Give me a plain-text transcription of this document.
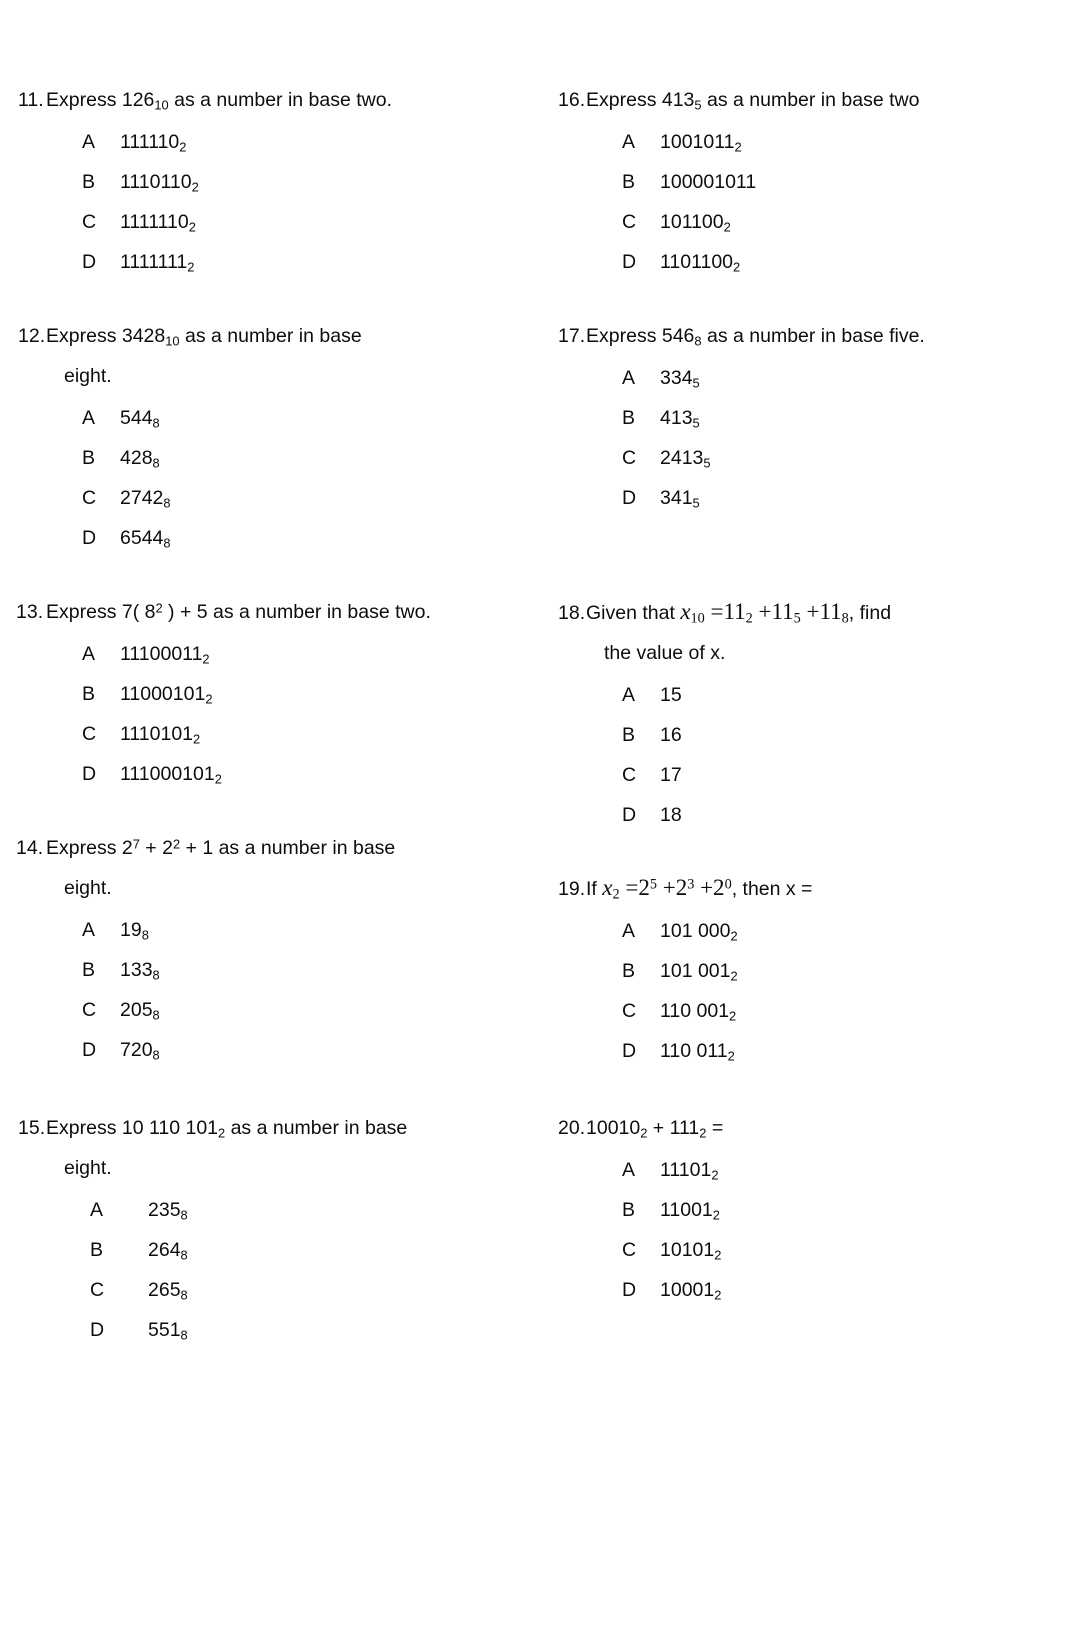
11. Express $126_{10}$ as a number in base two.
A $111110_2$
B $1110110_2$
C $1111110_2$
D $1111111_2$
12.Express $3428_{10}$ as a number in base
eight.
A $544_8$
B $428_8$
C $2742_8$
D $6544_8$
13. Express 7( $8^2$ ) + 5 as a number in base two.
A $11100011_2$
B $11000101_2$
C $1110101_2$
D $111000101_2$
14. Express $2^7 + 2^2 + 1$ as a number in base
eight.
A $19_8$
B $133_8$
C $205_8$
D $720_8$
15.Express 10 110 $101_2$ as a number in base
eight.
A $235_8$
B $264_8$
C $265_8$
D $551_8$
16.Express $413_5$ as a number in base two
A $1001011_2$
B 100001011
C $101100_2$
D $1101100_2$
17.Express $546_8$ as a number in base five.
A $334_5$
B $413_5$
C $2413_5$
D $341_5$
18.Given that $x_{10} =11_2 +11_5 +11_8$, find
the value of x.
A 15
B 16
C 17
D 18
19.If $x_2 =2^5 +2^3 +2^0$, then x =
A 101 $000_2$
B 101 $001_2$
C 110 $001_2$
D 110 $011_2$
$20.10010_2 + 111_2$ =
A $11101_2$
B $11001_2$
C $10101_2$
D $10001_2$
